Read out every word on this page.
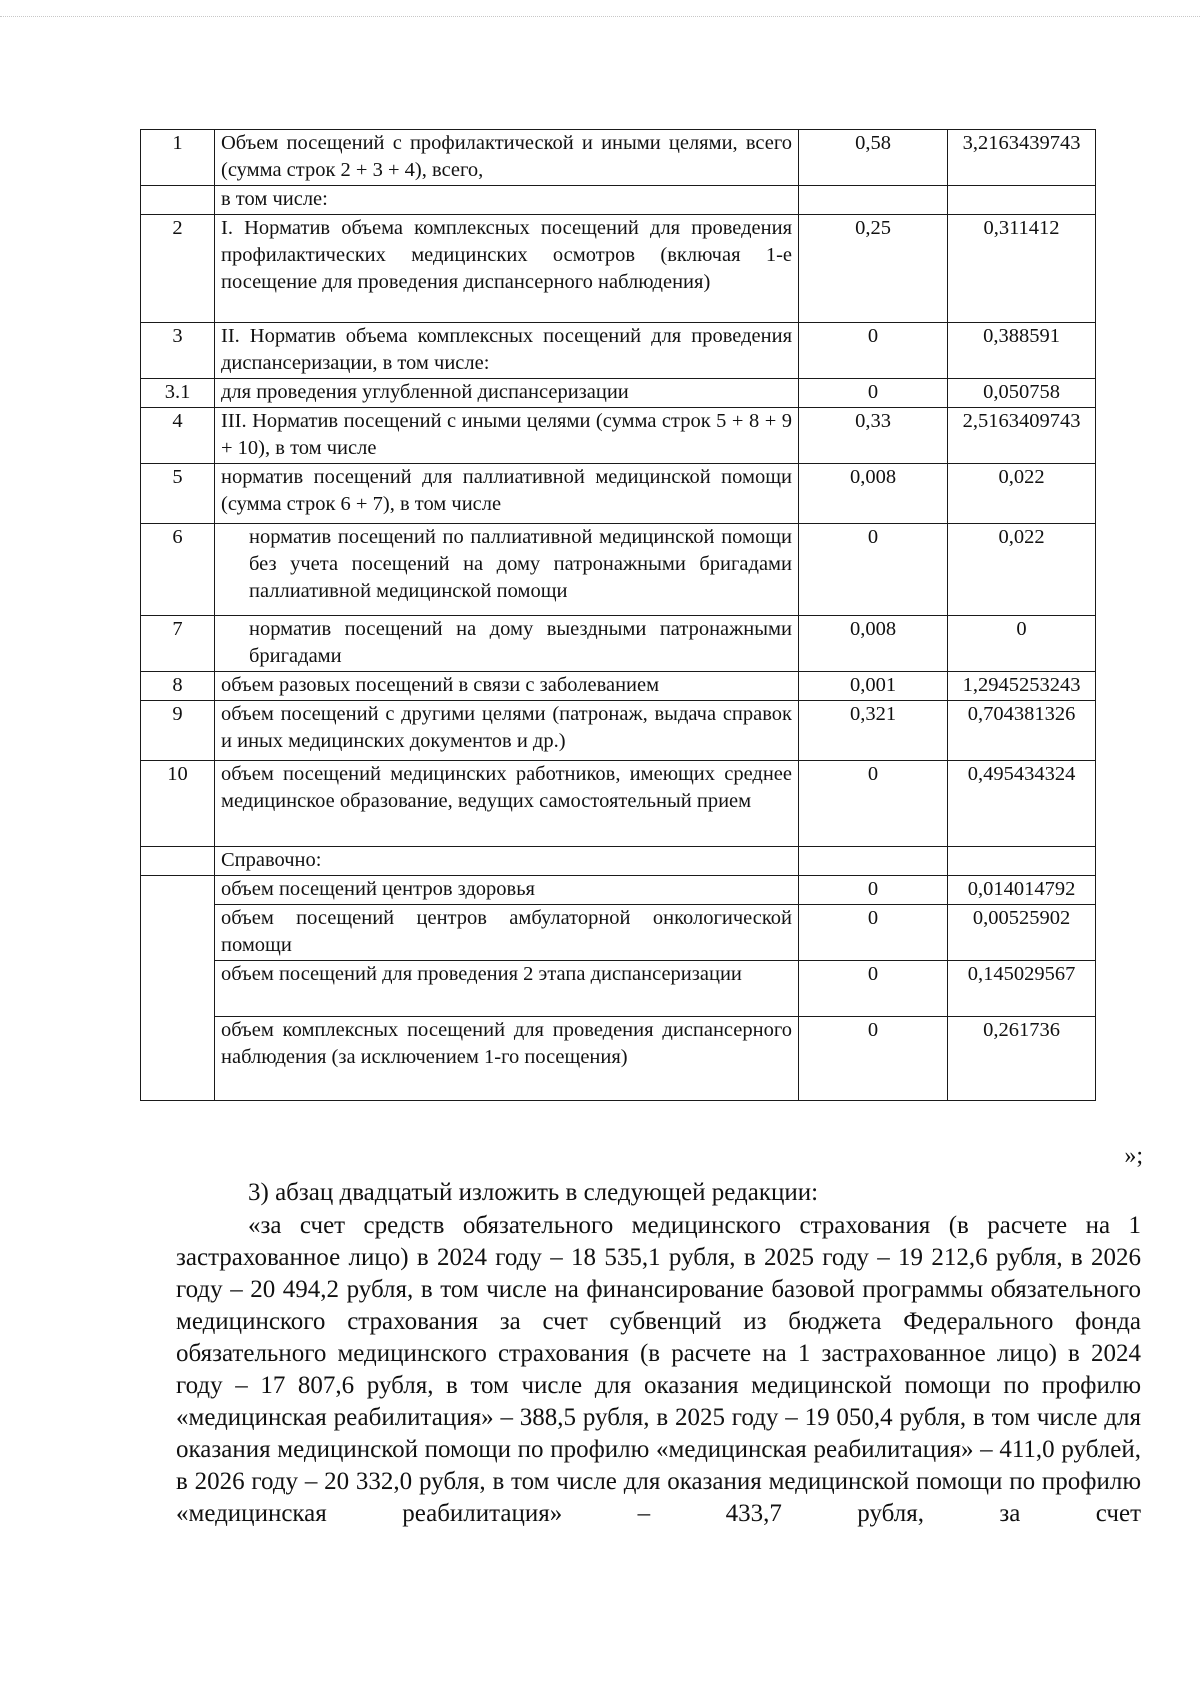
1	Объем посещений с профилактической и иными целями, всего (сумма строк 2 + 3 + 4), всего,	0,58	3,2163439743
	в том числе:		
2	I. Норматив объема комплексных посещений для проведения профилактических медицинских осмотров (включая 1-е посещение для проведения диспансерного наблюдения)	0,25	0,311412
3	II. Норматив объема комплексных посещений для проведения диспансеризации, в том числе:	0	0,388591
3.1	для проведения углубленной диспансеризации	0	0,050758
4	III. Норматив посещений с иными целями (сумма строк 5 + 8 + 9 + 10), в том числе	0,33	2,5163409743
5	норматив посещений для паллиативной медицинской помощи (сумма строк 6 + 7), в том числе	0,008	0,022
6	норматив посещений по паллиативной медицинской помощи без учета посещений на дому патронажными бригадами паллиативной медицинской помощи	0	0,022
7	норматив посещений на дому выездными патронажными бригадами	0,008	0
8	объем разовых посещений в связи с заболеванием	0,001	1,2945253243
9	объем посещений с другими целями (патронаж, выдача справок и иных медицинских документов и др.)	0,321	0,704381326
10	объем посещений медицинских работников, имеющих среднее медицинское образование, ведущих самостоятельный прием	0	0,495434324
	Справочно:		
	объем посещений центров здоровья	0	0,014014792
	объем посещений центров амбулаторной онкологической помощи	0	0,00525902
	объем посещений для проведения 2 этапа диспансеризации	0	0,145029567
	объем комплексных посещений для проведения диспансерного наблюдения (за исключением 1-го посещения)	0	0,261736
»;
3) абзац двадцатый изложить в следующей редакции:
«за счет средств обязательного медицинского страхования (в расчете на 1 застрахованное лицо) в 2024 году – 18 535,1 рубля, в 2025 году – 19 212,6 рубля, в 2026 году – 20 494,2 рубля, в том числе на финансирование базовой программы обязательного медицинского страхования за счет субвенций из бюджета Федерального фонда обязательного медицинского страхования (в расчете на 1 застрахованное лицо) в 2024 году – 17 807,6 рубля, в том числе для оказания медицинской помощи по профилю «медицинская реабилитация» – 388,5 рубля, в 2025 году – 19 050,4 рубля, в том числе для оказания медицинской помощи по профилю «медицинская реабилитация» – 411,0 рублей, в 2026 году – 20 332,0 рубля, в том числе для оказания медицинской помощи по профилю «медицинская реабилитация» – 433,7 рубля, за счет
